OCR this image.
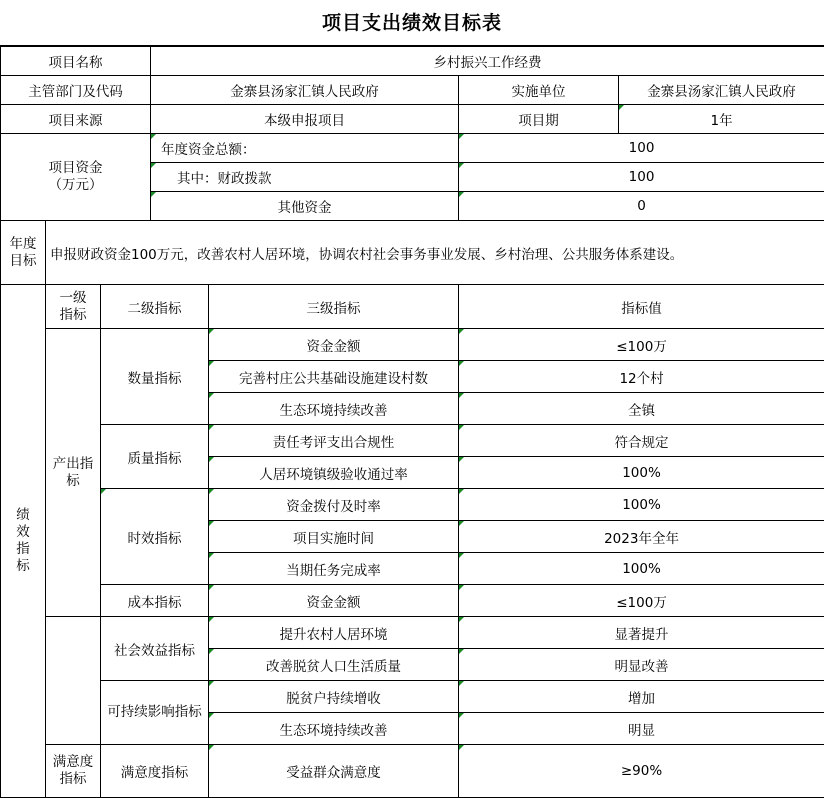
项目支出绩效目标表
项目名称			乡村振兴工作经费			
主管部门及代码			金寨县汤家汇镇人民政府		实施单位	金寨县汤家汇镇人民政府
项目来源			本级申报项目		项目期	1年
项目资金（万元）			年度资金总额：		100	
			其中：财政拨款		100	
			其他资金		0	
年度目标	申报财政资金100万元，改善农村人居环境，协调农村社会事务事业发展、乡村治理、公共服务体系建设。					
绩效指标	一级指标	二级指标		三级指标	指标值	
	产出指标	数量指标		资金金额	≤100万	
				完善村庄公共基础设施建设村数	12个村	
				生态环境持续改善	全镇	
		质量指标		责任考评支出合规性	符合规定	
				人居环境镇级验收通过率	100%	
		时效指标		资金拨付及时率	100%	
				项目实施时间	2023年全年	
				当期任务完成率	100%	
		成本指标		资金金额	≤100万	
		社会效益指标		提升农村人居环境	显著提升	
				改善脱贫人口生活质量	明显改善	
		可持续影响指标		脱贫户持续增收	增加	
				生态环境持续改善	明显	
	满意度指标	满意度指标		受益群众满意度	≥90%	
